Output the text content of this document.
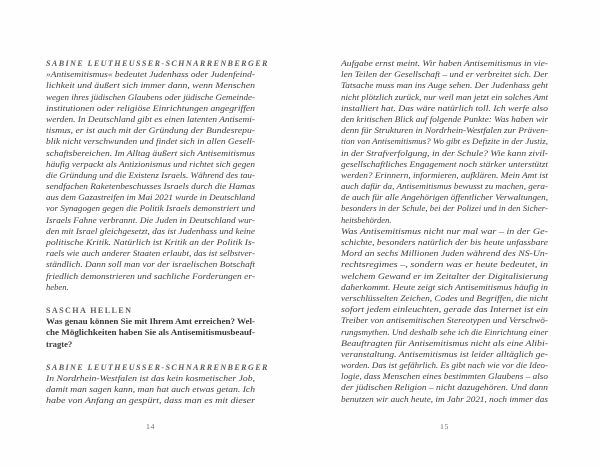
SABINE LEUTHEUSSER-SCHNARRENBERGER
»Antisemitismus« bedeutet Judenhass oder Judenfeind-
lichkeit und äußert sich immer dann, wenn Menschen
wegen ihres jüdischen Glaubens oder jüdische Gemeinde-
institutionen oder religiöse Einrichtungen angegriffen
werden. In Deutschland gibt es einen latenten Antisemi-
tismus, er ist auch mit der Gründung der Bundesrepu-
blik nicht verschwunden und findet sich in allen Gesell-
schaftsbereichen. Im Alltag äußert sich Antisemitismus
häufig verpackt als Antizionismus und richtet sich gegen
die Gründung und die Existenz Israels. Während des tau-
sendfachen Raketenbeschusses Israels durch die Hamas
aus dem Gazastreifen im Mai 2021 wurde in Deutschland
vor Synagogen gegen die Politik Israels demonstriert und
Israels Fahne verbrannt. Die Juden in Deutschland wur-
den mit Israel gleichgesetzt, das ist Judenhass und keine
politische Kritik. Natürlich ist Kritik an der Politik Is-
raels wie auch anderer Staaten erlaubt, das ist selbstver-
ständlich. Dann soll man vor der israelischen Botschaft
friedlich demonstrieren und sachliche Forderungen er-
heben.
SASCHA HELLEN
Was genau können Sie mit Ihrem Amt erreichen? Wel-
che Möglichkeiten haben Sie als Antisemitismusbeauf-
tragte?
SABINE LEUTHEUSSER-SCHNARRENBERGER
In Nordrhein-Westfalen ist das kein kosmetischer Job,
damit man sagen kann, man hat auch etwas getan. Ich
habe von Anfang an gespürt, dass man es mit dieser
14
Aufgabe ernst meint. Wir haben Antisemitismus in vie-
len Teilen der Gesellschaft – und er verbreitet sich. Der
Tatsache muss man ins Auge sehen. Der Judenhass geht
nicht plötzlich zurück, nur weil man jetzt ein solches Amt
installiert hat. Das wäre natürlich toll. Ich werfe also
den kritischen Blick auf folgende Punkte: Was haben wir
denn für Strukturen in Nordrhein-Westfalen zur Präven-
tion von Antisemitismus? Wo gibt es Defizite in der Justiz,
in der Strafverfolgung, in der Schule? Wie kann zivil-
gesellschaftliches Engagement noch stärker unterstützt
werden? Erinnern, informieren, aufklären. Mein Amt ist
auch dafür da, Antisemitismus bewusst zu machen, gera-
de auch für alle Angehörigen öffentlicher Verwaltungen,
besonders in der Schule, bei der Polizei und in den Sicher-
heitsbehörden.
Was Antisemitismus nicht nur mal war – in der Ge-
schichte, besonders natürlich der bis heute unfassbare
Mord an sechs Millionen Juden während des NS-Un-
rechtsregimes –, sondern was er heute bedeutet, in
welchem Gewand er im Zeitalter der Digitalisierung
daherkommt. Heute zeigt sich Antisemitismus häufig in
verschlüsselten Zeichen, Codes und Begriffen, die nicht
sofort jedem einleuchten, gerade das Internet ist ein
Treiber von antisemitischen Stereotypen und Verschwö-
rungsmythen. Und deshalb sehe ich die Einrichtung einer
Beauftragten für Antisemitismus nicht als eine Alibi-
veranstaltung. Antisemitismus ist leider alltäglich ge-
worden. Das ist gefährlich. Es gibt nach wie vor die Ideo-
logie, dass Menschen eines bestimmten Glaubens – also
der jüdischen Religion – nicht dazugehören. Und dann
benutzen wir auch heute, im Jahr 2021, noch immer das
15
